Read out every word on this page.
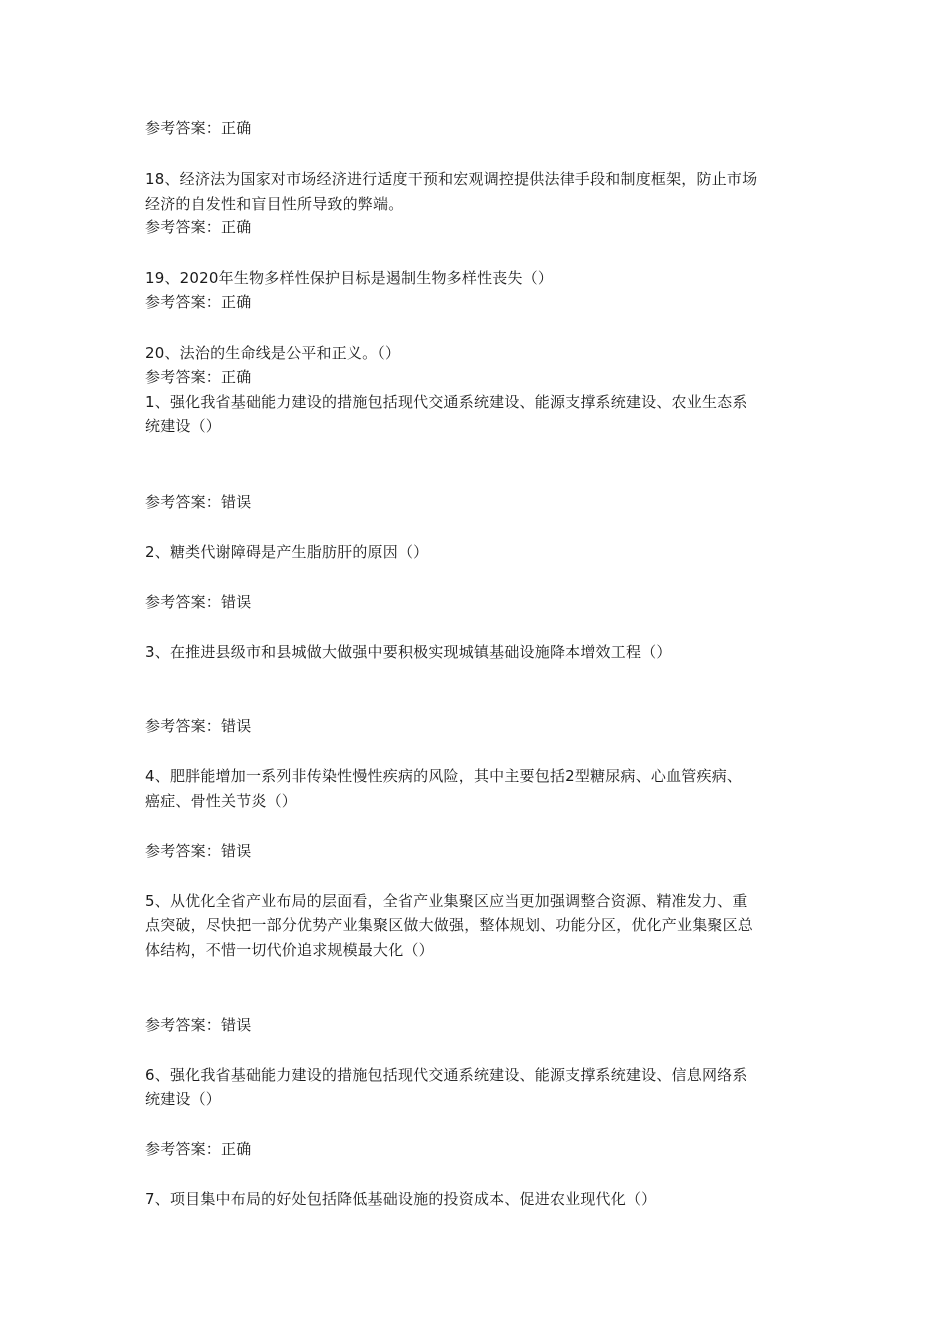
参考答案：正确
18、经济法为国家对市场经济进行适度干预和宏观调控提供法律手段和制度框架，防止市场
经济的自发性和盲目性所导致的弊端。
参考答案：正确
19、2020年生物多样性保护目标是遏制生物多样性丧失（）
参考答案：正确
20、法治的生命线是公平和正义。（）
参考答案：正确
1、强化我省基础能力建设的措施包括现代交通系统建设、能源支撑系统建设、农业生态系
统建设（）
参考答案：错误
2、糖类代谢障碍是产生脂肪肝的原因（）
参考答案：错误
3、在推进县级市和县城做大做强中要积极实现城镇基础设施降本增效工程（）
参考答案：错误
4、肥胖能增加一系列非传染性慢性疾病的风险，其中主要包括2型糖尿病、心血管疾病、
癌症、骨性关节炎（）
参考答案：错误
5、从优化全省产业布局的层面看，全省产业集聚区应当更加强调整合资源、精准发力、重
点突破，尽快把一部分优势产业集聚区做大做强，整体规划、功能分区，优化产业集聚区总
体结构，不惜一切代价追求规模最大化（）
参考答案：错误
6、强化我省基础能力建设的措施包括现代交通系统建设、能源支撑系统建设、信息网络系
统建设（）
参考答案：正确
7、项目集中布局的好处包括降低基础设施的投资成本、促进农业现代化（）
